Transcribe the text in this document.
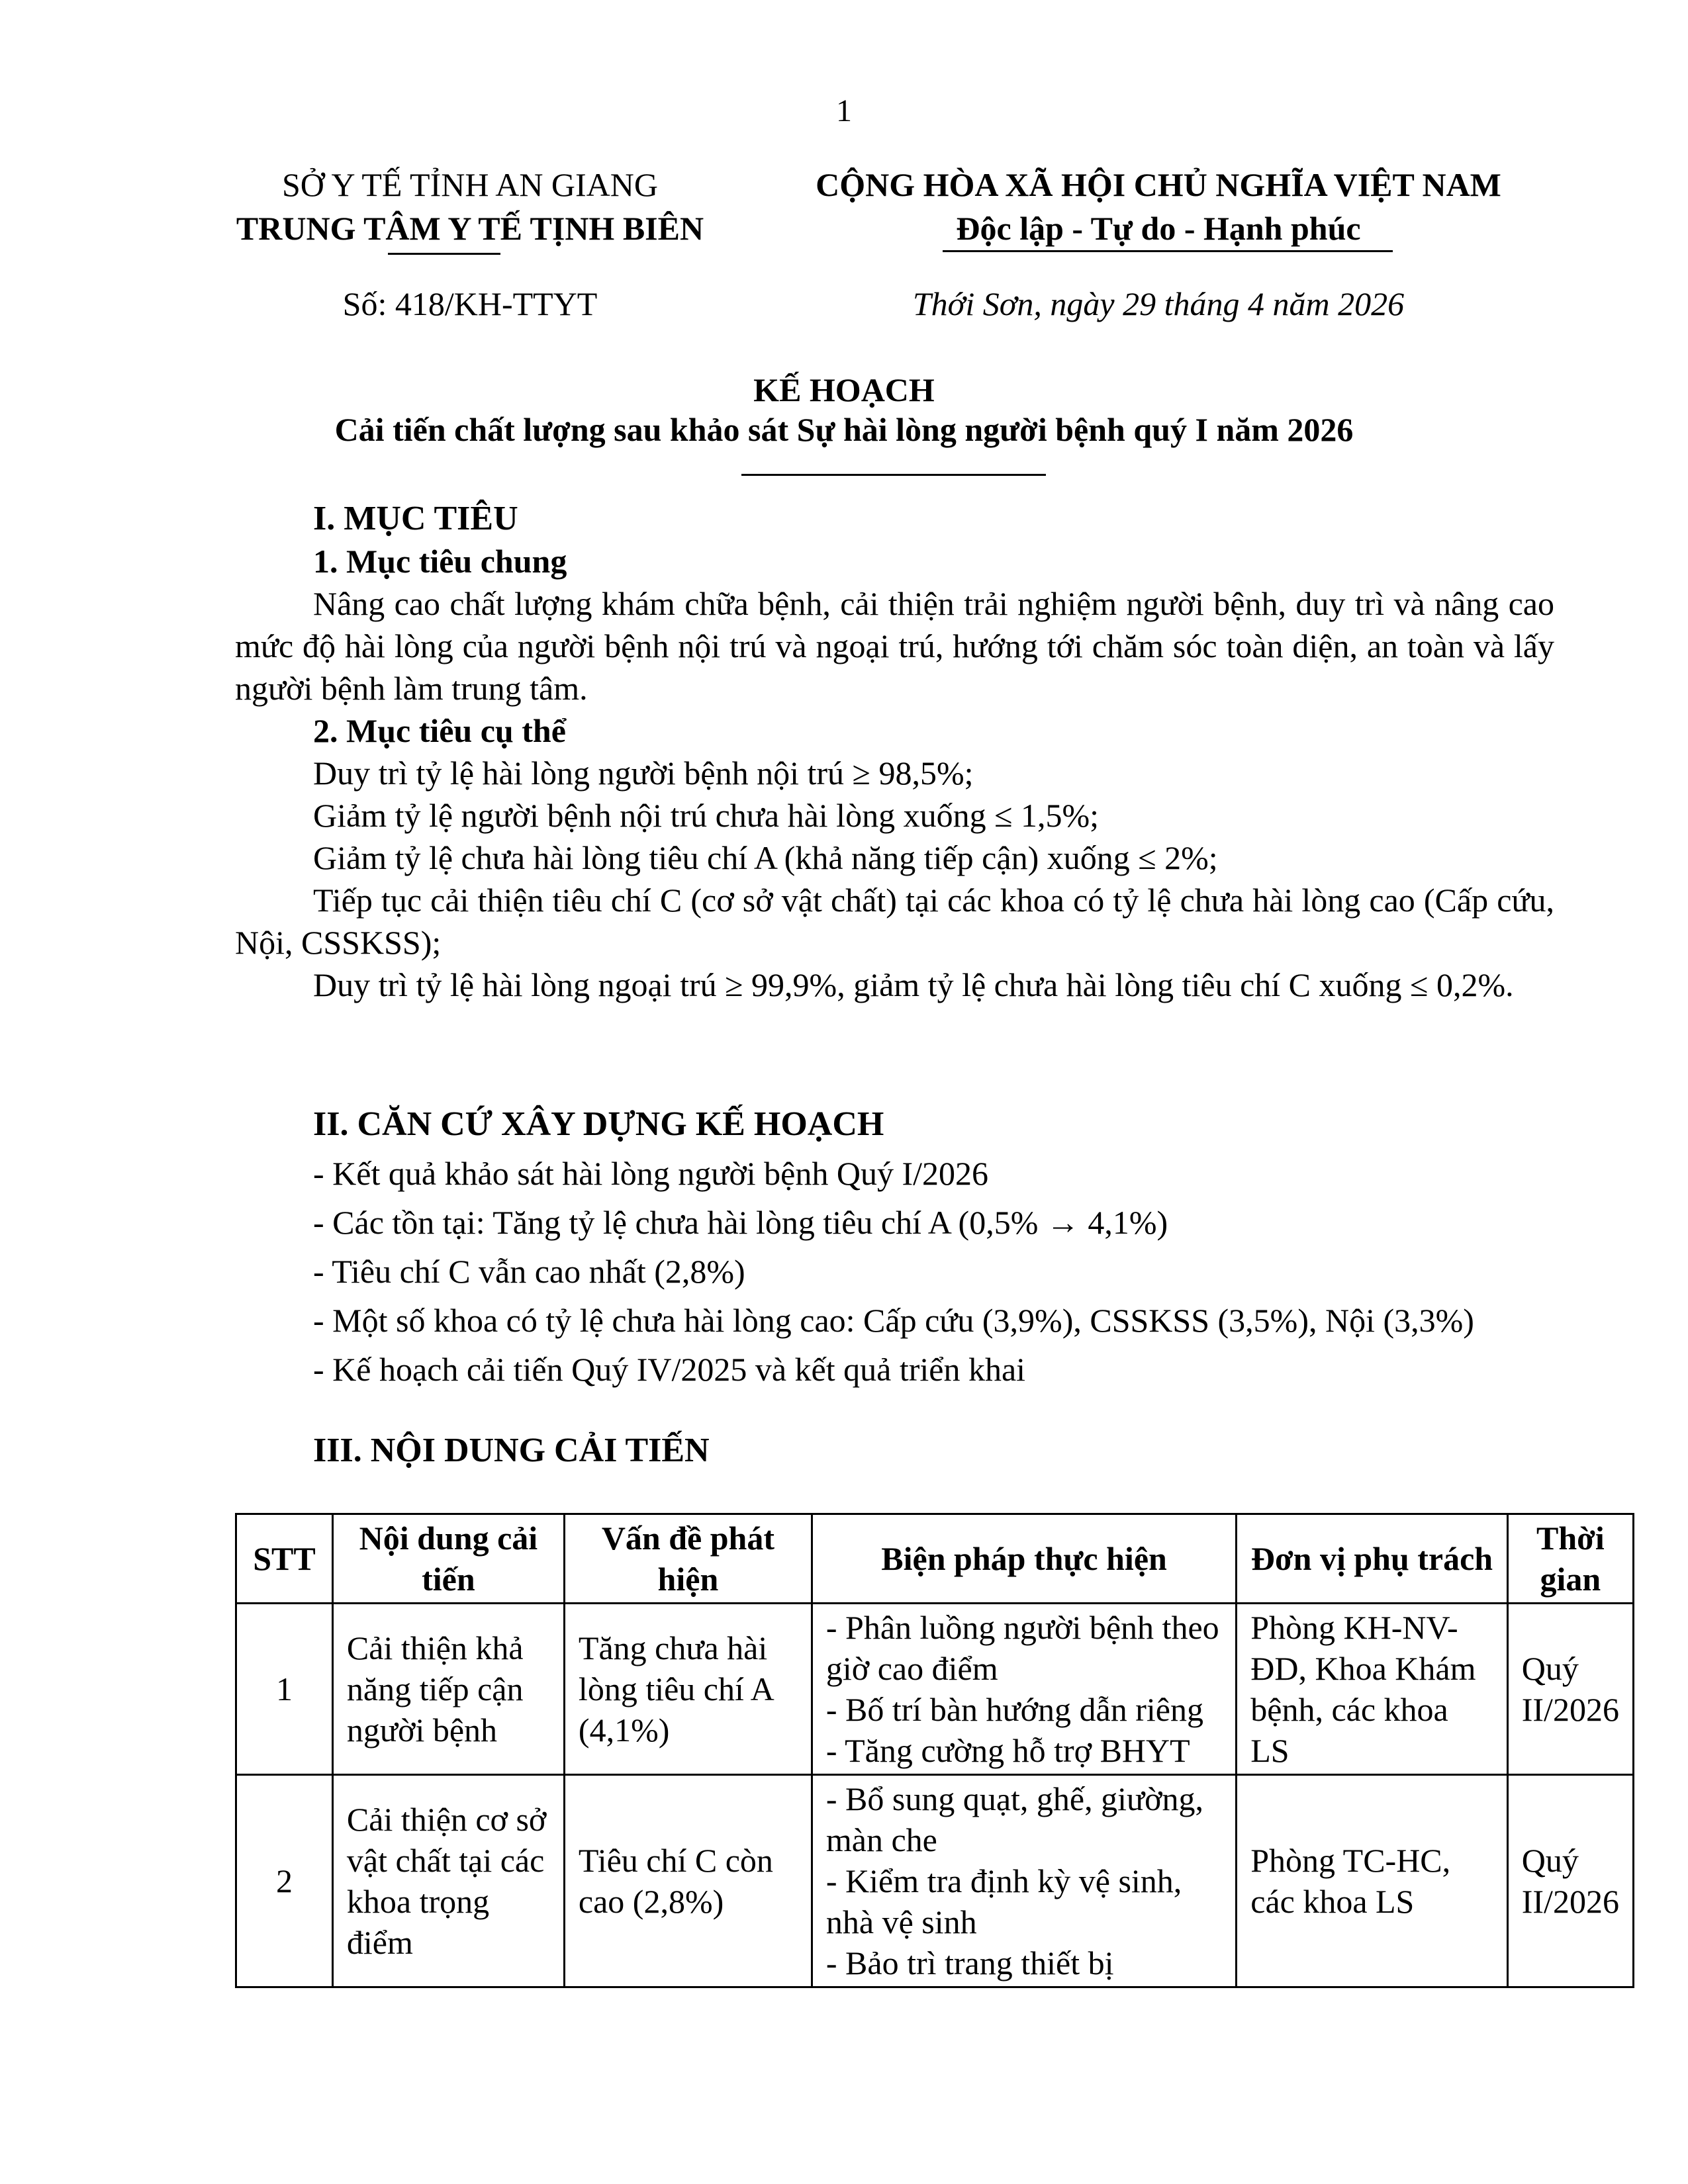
1
SỞ Y TẾ TỈNH AN GIANG
TRUNG TÂM Y TẾ TỊNH BIÊN
CỘNG HÒA XÃ HỘI CHỦ NGHĨA VIỆT NAM
Độc lập - Tự do - Hạnh phúc
Số: 418/KH-TTYT	Thới Sơn, ngày 29 tháng 4 năm 2026
KẾ HOẠCH
Cải tiến chất lượng sau khảo sát Sự hài lòng người bệnh quý I năm 2026
I. MỤC TIÊU
1. Mục tiêu chung

Nâng cao chất lượng khám chữa bệnh, cải thiện trải nghiệm người bệnh, duy trì và nâng cao mức độ hài lòng của người bệnh nội trú và ngoại trú, hướng tới chăm sóc toàn diện, an toàn và lấy người bệnh làm trung tâm.

2. Mục tiêu cụ thể

Duy trì tỷ lệ hài lòng người bệnh nội trú ≥ 98,5%;

Giảm tỷ lệ người bệnh nội trú chưa hài lòng xuống ≤ 1,5%;

Giảm tỷ lệ chưa hài lòng tiêu chí A (khả năng tiếp cận) xuống ≤ 2%;

Tiếp tục cải thiện tiêu chí C (cơ sở vật chất) tại các khoa có tỷ lệ chưa hài lòng cao (Cấp cứu, Nội, CSSKSS);

Duy trì tỷ lệ hài lòng ngoại trú ≥ 99,9%, giảm tỷ lệ chưa hài lòng tiêu chí C xuống ≤ 0,2%.

II. CĂN CỨ XÂY DỰNG KẾ HOẠCH
- Kết quả khảo sát hài lòng người bệnh Quý I/2026
- Các tồn tại: Tăng tỷ lệ chưa hài lòng tiêu chí A (0,5% → 4,1%)
- Tiêu chí C vẫn cao nhất (2,8%)
- Một số khoa có tỷ lệ chưa hài lòng cao: Cấp cứu (3,9%), CSSKSS (3,5%), Nội (3,3%)
- Kế hoạch cải tiến Quý IV/2025 và kết quả triển khai
III. NỘI DUNG CẢI TIẾN
STT	Nội dung cải tiến	Vấn đề phát hiện	Biện pháp thực hiện	Đơn vị phụ trách	Thời gian
1	Cải thiện khả năng tiếp cận người bệnh	Tăng chưa hài lòng tiêu chí A (4,1%)	- Phân luồng người bệnh theo giờ cao điểm
- Bố trí bàn hướng dẫn riêng
- Tăng cường hỗ trợ BHYT	Phòng KH-NV-ĐD, Khoa Khám bệnh, các khoa LS	Quý II/2026
2	Cải thiện cơ sở vật chất tại các khoa trọng điểm	Tiêu chí C còn cao (2,8%)	- Bổ sung quạt, ghế, giường, màn che
- Kiểm tra định kỳ vệ sinh, nhà vệ sinh
- Bảo trì trang thiết bị	Phòng TC-HC, các khoa LS	Quý II/2026
